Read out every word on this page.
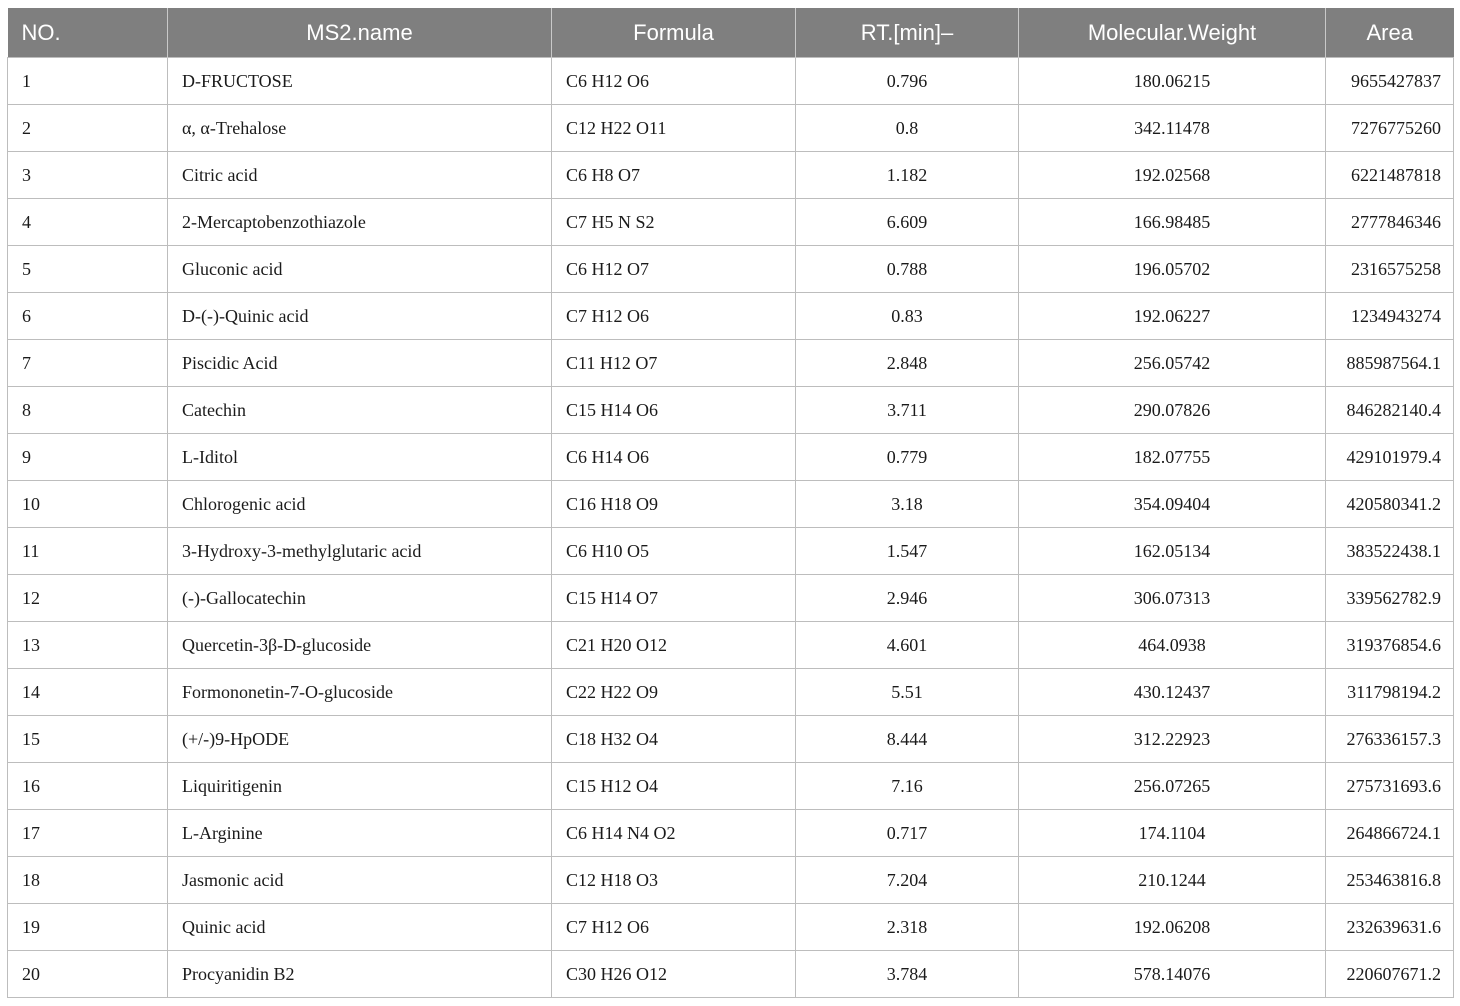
NO.	MS2.name	Formula	RT.[min]–	Molecular.Weight	Area
1	D-FRUCTOSE	C6 H12 O6	0.796	180.06215	9655427837
2	α, α-Trehalose	C12 H22 O11	0.8	342.11478	7276775260
3	Citric acid	C6 H8 O7	1.182	192.02568	6221487818
4	2-Mercaptobenzothiazole	C7 H5 N S2	6.609	166.98485	2777846346
5	Gluconic acid	C6 H12 O7	0.788	196.05702	2316575258
6	D-(-)-Quinic acid	C7 H12 O6	0.83	192.06227	1234943274
7	Piscidic Acid	C11 H12 O7	2.848	256.05742	885987564.1
8	Catechin	C15 H14 O6	3.711	290.07826	846282140.4
9	L-Iditol	C6 H14 O6	0.779	182.07755	429101979.4
10	Chlorogenic acid	C16 H18 O9	3.18	354.09404	420580341.2
11	3-Hydroxy-3-methylglutaric acid	C6 H10 O5	1.547	162.05134	383522438.1
12	(-)-Gallocatechin	C15 H14 O7	2.946	306.07313	339562782.9
13	Quercetin-3β-D-glucoside	C21 H20 O12	4.601	464.0938	319376854.6
14	Formononetin-7-O-glucoside	C22 H22 O9	5.51	430.12437	311798194.2
15	(+/-)9-HpODE	C18 H32 O4	8.444	312.22923	276336157.3
16	Liquiritigenin	C15 H12 O4	7.16	256.07265	275731693.6
17	L-Arginine	C6 H14 N4 O2	0.717	174.1104	264866724.1
18	Jasmonic acid	C12 H18 O3	7.204	210.1244	253463816.8
19	Quinic acid	C7 H12 O6	2.318	192.06208	232639631.6
20	Procyanidin B2	C30 H26 O12	3.784	578.14076	220607671.2
